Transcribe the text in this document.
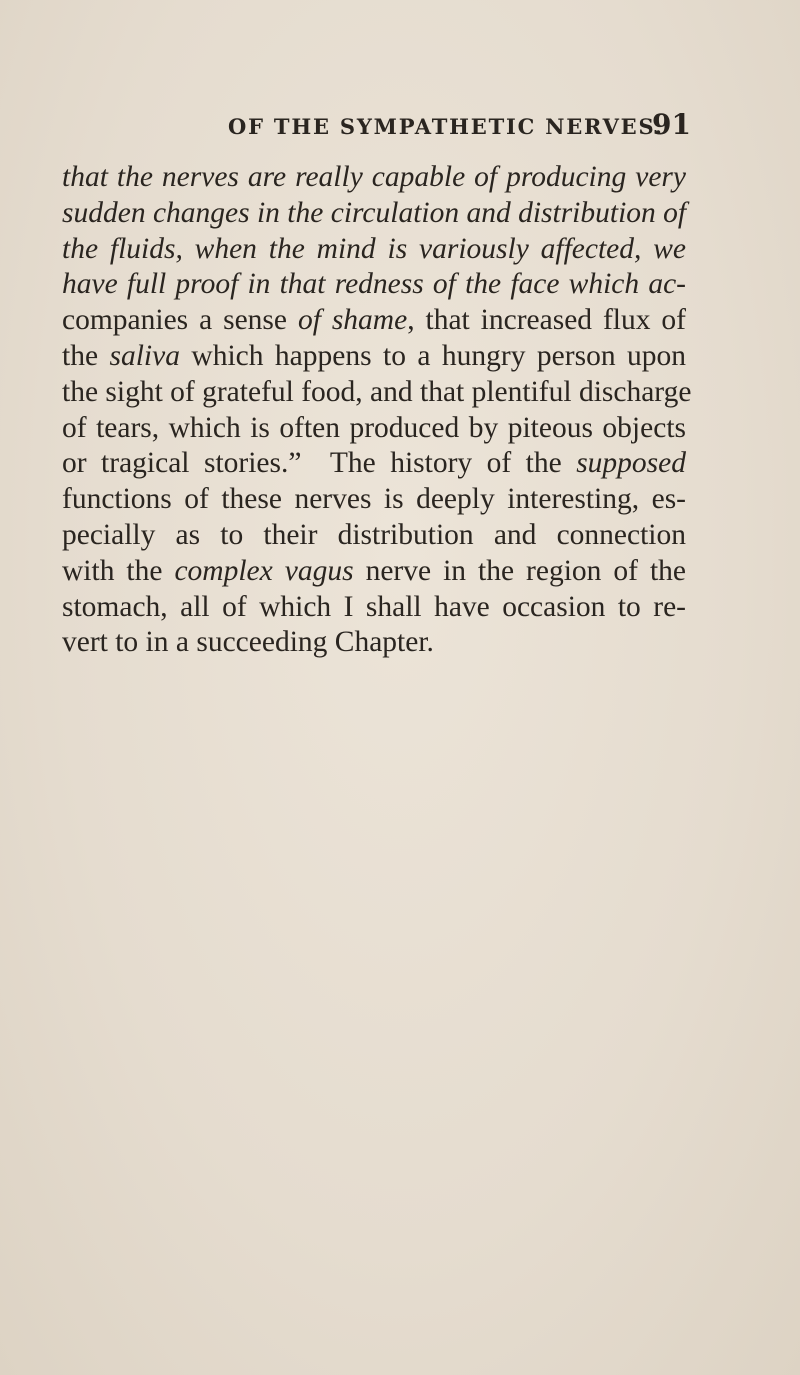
OF THE SYMPATHETIC NERVES.
91
that the nerves are really capable of producing very
sudden changes in the circulation and distribution of
the fluids, when the mind is variously affected, we
have full proof in that redness of the face which ac-
companies a sense of shame, that increased flux of
the saliva which happens to a hungry person upon
the sight of grateful food, and that plentiful discharge
of tears, which is often produced by piteous objects
or tragical stories.”  The history of the supposed
functions of these nerves is deeply interesting, es-
pecially as to their distribution and connection
with the complex vagus nerve in the region of the
stomach, all of which I shall have occasion to re-
vert to in a succeeding Chapter.
